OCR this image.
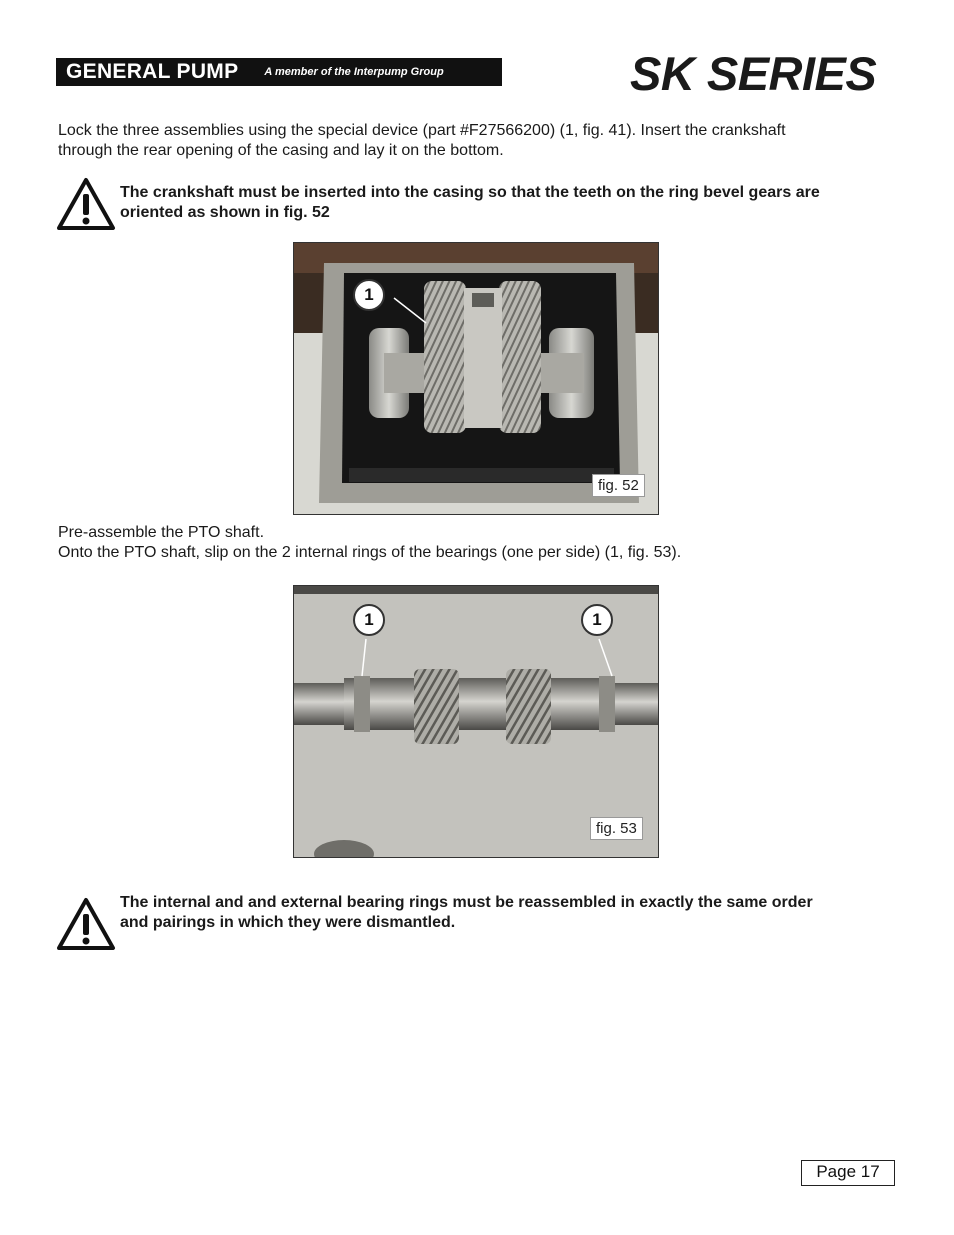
GENERAL PUMP A member of the Interpump Group	SK SERIES
Lock the three assemblies using the special device (part #F27566200) (1, fig. 41). Insert the crankshaft
through the rear opening of the casing and lay it on the bottom.
The crankshaft must be inserted into the casing so that the teeth on the ring bevel gears are
oriented as shown in fig. 52
1
fig. 52
Pre-assemble the PTO shaft.
Onto the PTO shaft, slip on the 2 internal rings of the bearings (one per side) (1, fig. 53).
1	1
fig. 53
The internal and and external bearing rings must be reassembled in exactly the same order
and pairings in which they were dismantled.
Page 17
